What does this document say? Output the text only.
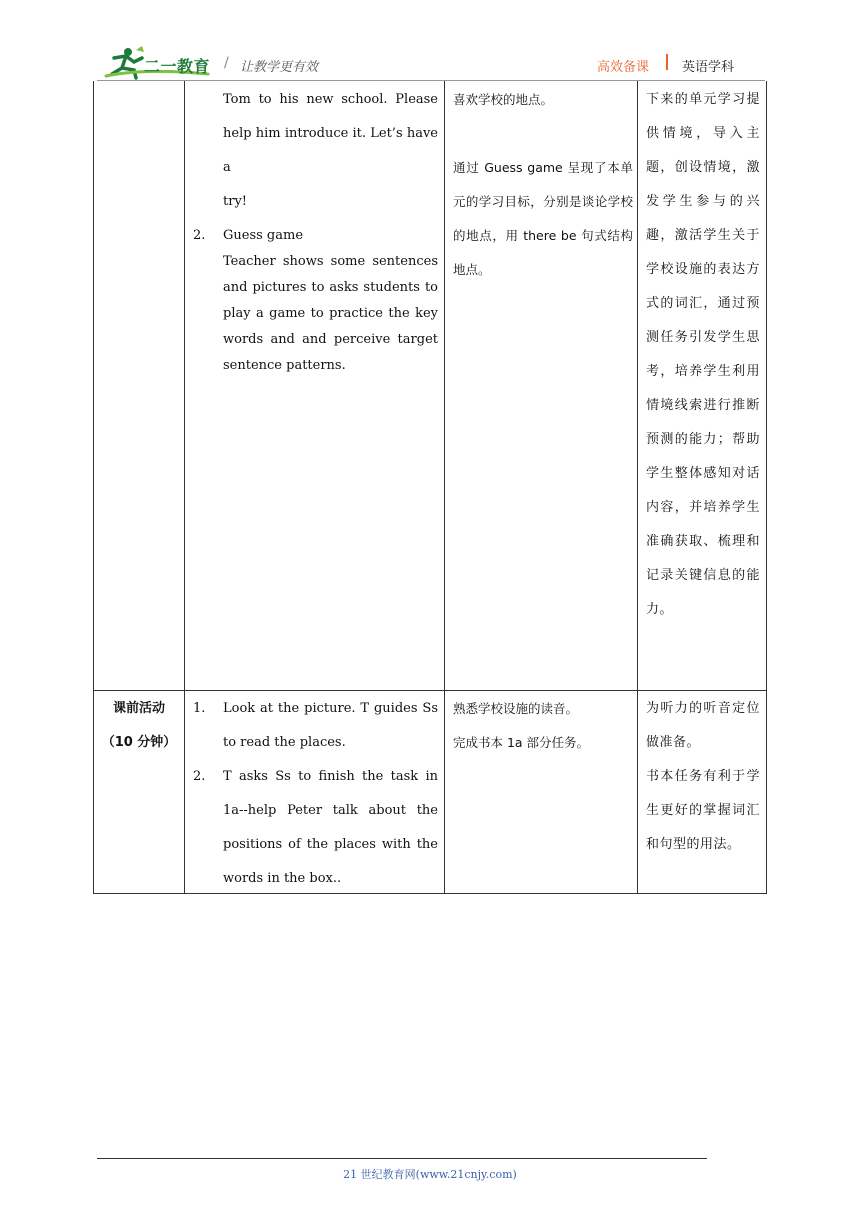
二一教育 / 让教学更有效	高效备课	英语学科
Tom to his new school. Please
help him introduce it. Let’s have a
try!
2. Guess game
Teacher shows some sentences and pictures to asks students to play a game to practice the key words and and perceive target sentence patterns.
喜欢学校的地点。
通过 Guess game 呈现了本单元的学习目标，分别是谈论学校的地点，用 there be 句式结构地点。
下来的单元学习提供情境，导入主题，创设情境，激发学生参与的兴趣，激活学生关于学校设施的表达方式的词汇，通过预测任务引发学生思考，培养学生利用情境线索进行推断预测的能力；帮助学生整体感知对话内容，并培养学生准确获取、梳理和记录关键信息的能力。
课前活动
（10 分钟）
1. Look at the picture. T guides Ss to read the places.
2. T asks Ss to finish the task in 1a--help Peter talk about the positions of the places with the words in the box..
熟悉学校设施的读音。
完成书本 1a 部分任务。
为听力的听音定位做准备。
书本任务有利于学生更好的掌握词汇和句型的用法。
21 世纪教育网(www.21cnjy.com)
